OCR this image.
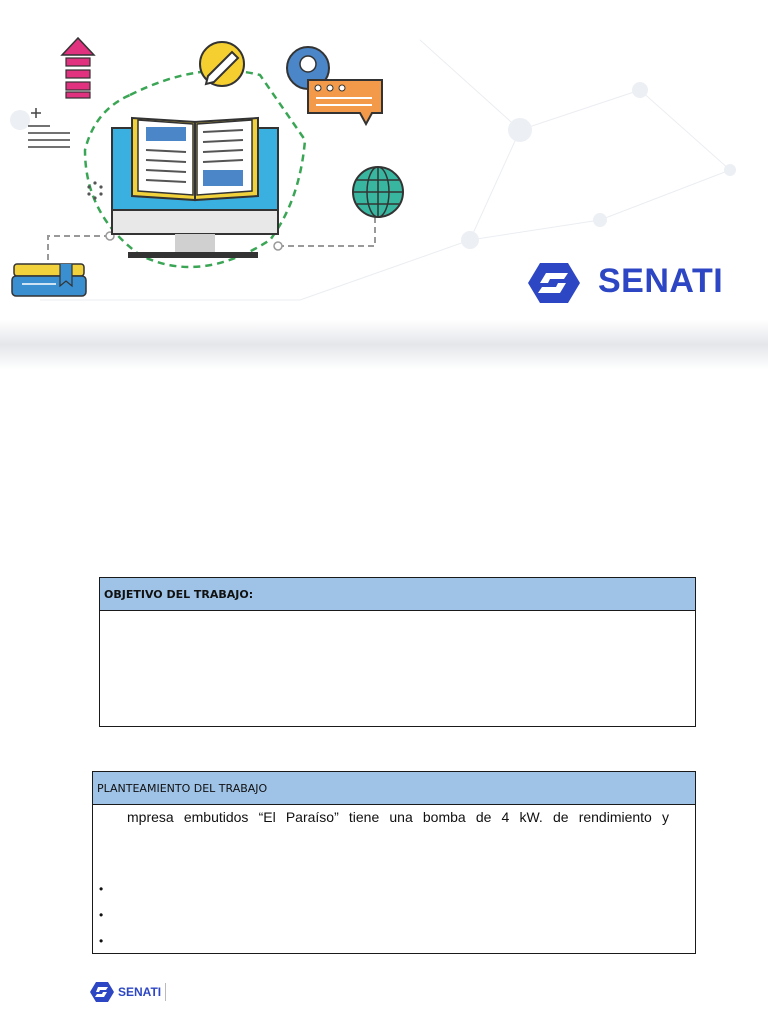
SENATI
OBJETIVO DEL TRABAJO:
PLANTEAMIENTO DEL TRABAJO
mpresa embutidos “El Paraíso” tiene una bomba de 4 kW. de rendimiento y
SENATI
